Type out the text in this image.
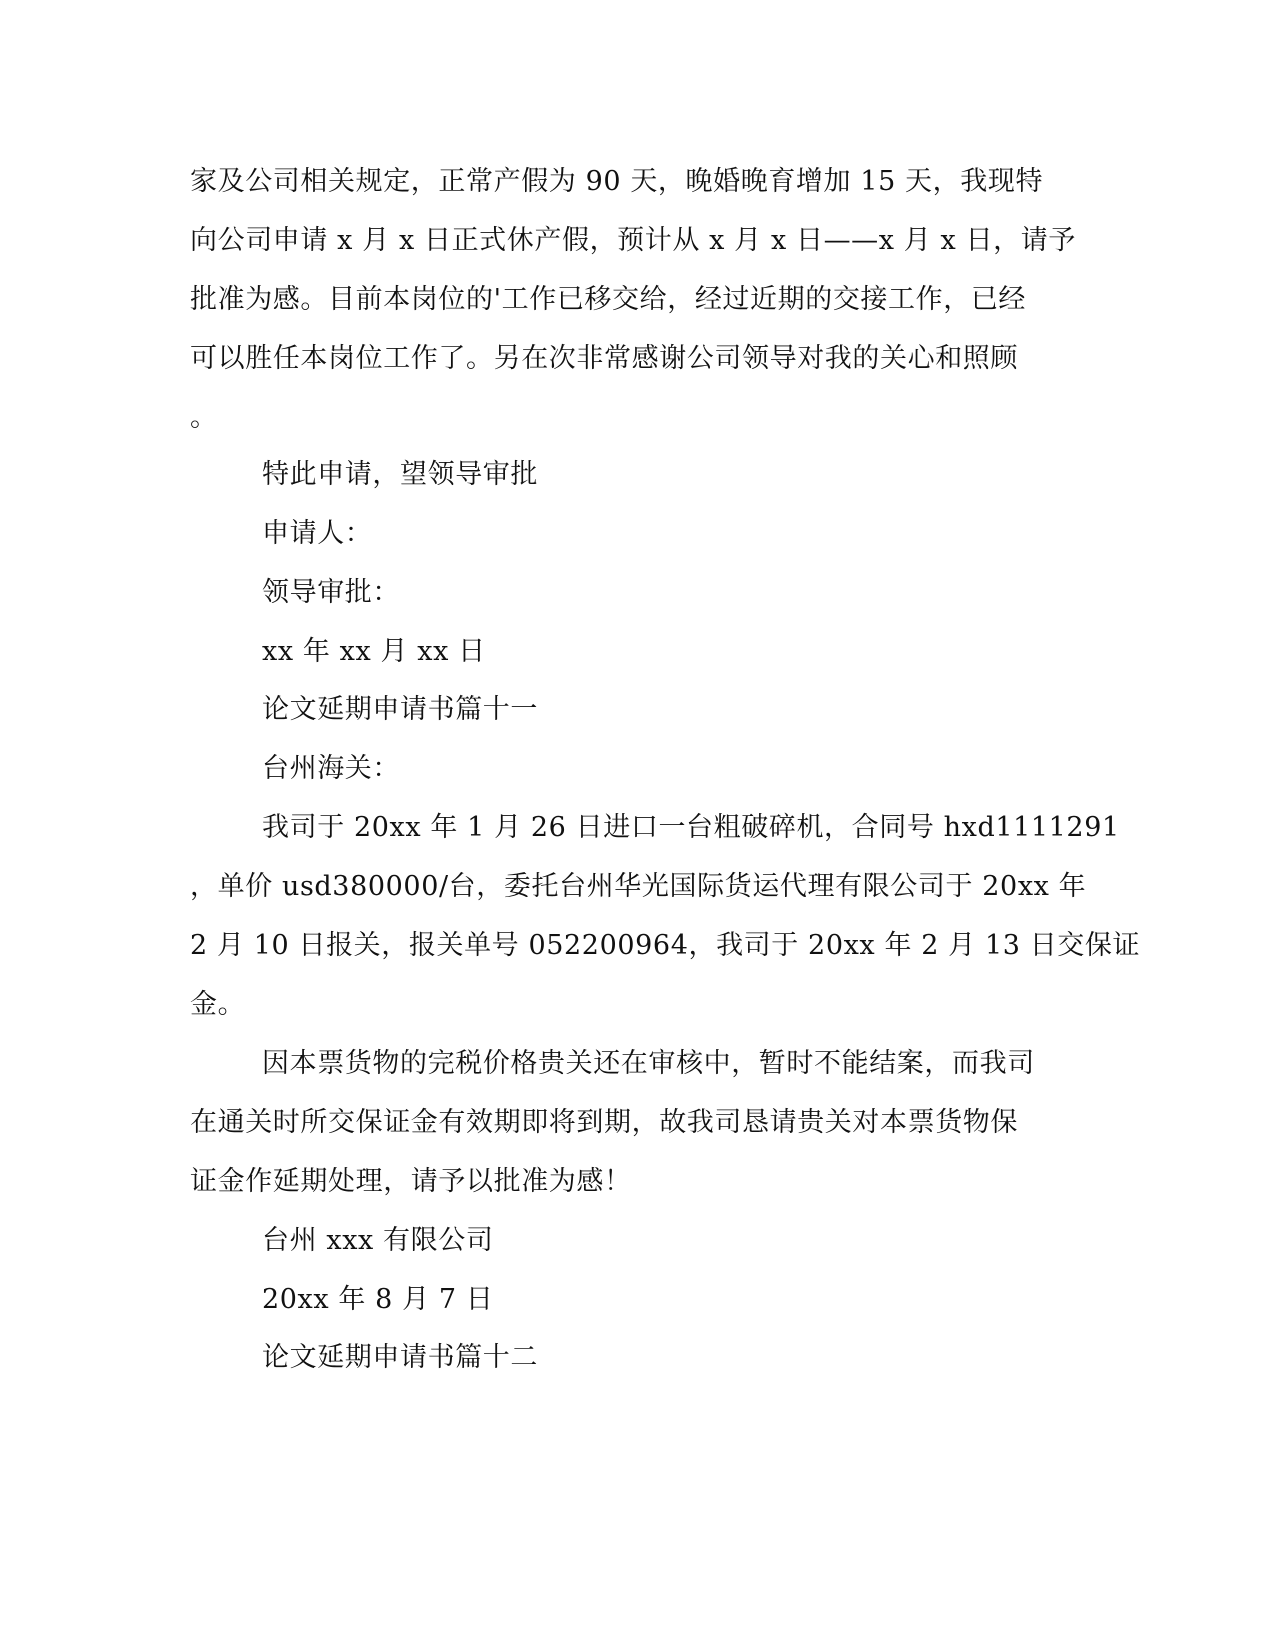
家及公司相关规定，正常产假为 90 天，晚婚晚育增加 15 天，我现特
向公司申请 x 月 x 日正式休产假，预计从 x 月 x 日——x 月 x 日，请予
批准为感。目前本岗位的'工作已移交给，经过近期的交接工作，已经
可以胜任本岗位工作了。另在次非常感谢公司领导对我的关心和照顾
。
特此申请，望领导审批
申请人：
领导审批：
xx 年 xx 月 xx 日
论文延期申请书篇十一
台州海关：
我司于 20xx 年 1 月 26 日进口一台粗破碎机，合同号 hxd1111291
，单价 usd380000/台，委托台州华光国际货运代理有限公司于 20xx 年
2 月 10 日报关，报关单号 052200964，我司于 20xx 年 2 月 13 日交保证
金。
因本票货物的完税价格贵关还在审核中，暂时不能结案，而我司
在通关时所交保证金有效期即将到期，故我司恳请贵关对本票货物保
证金作延期处理，请予以批准为感！
台州 xxx 有限公司
20xx 年 8 月 7 日
论文延期申请书篇十二
